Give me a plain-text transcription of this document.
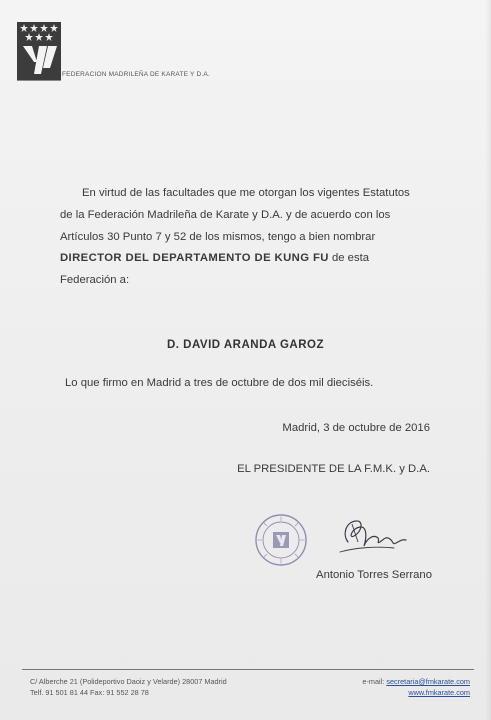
FEDERACION MADRILEÑA DE KARATE Y D.A.

En virtud de las facultades que me otorgan los vigentes Estatutos

de la Federación Madrileña de Karate y D.A. y de acuerdo con los
Artículos 30 Punto 7 y 52 de los mismos, tengo a bien nombrar
DIRECTOR DEL DEPARTAMENTO DE KUNG FU de esta
Federación a:
D. DAVID ARANDA GAROZ
Lo que firmo en Madrid a tres de octubre de dos mil dieciséis.
Madrid, 3 de octubre de 2016
EL PRESIDENTE DE LA F.M.K. y D.A.
Antonio Torres Serrano
C/ Alberche 21 (Polideportivo Daoiz y Velarde) 28007 Madrid
Telf. 91 501 81 44 Fax: 91 552 28 78
e-mail: secretaria@fmkarate.com
www.fmkarate.com
